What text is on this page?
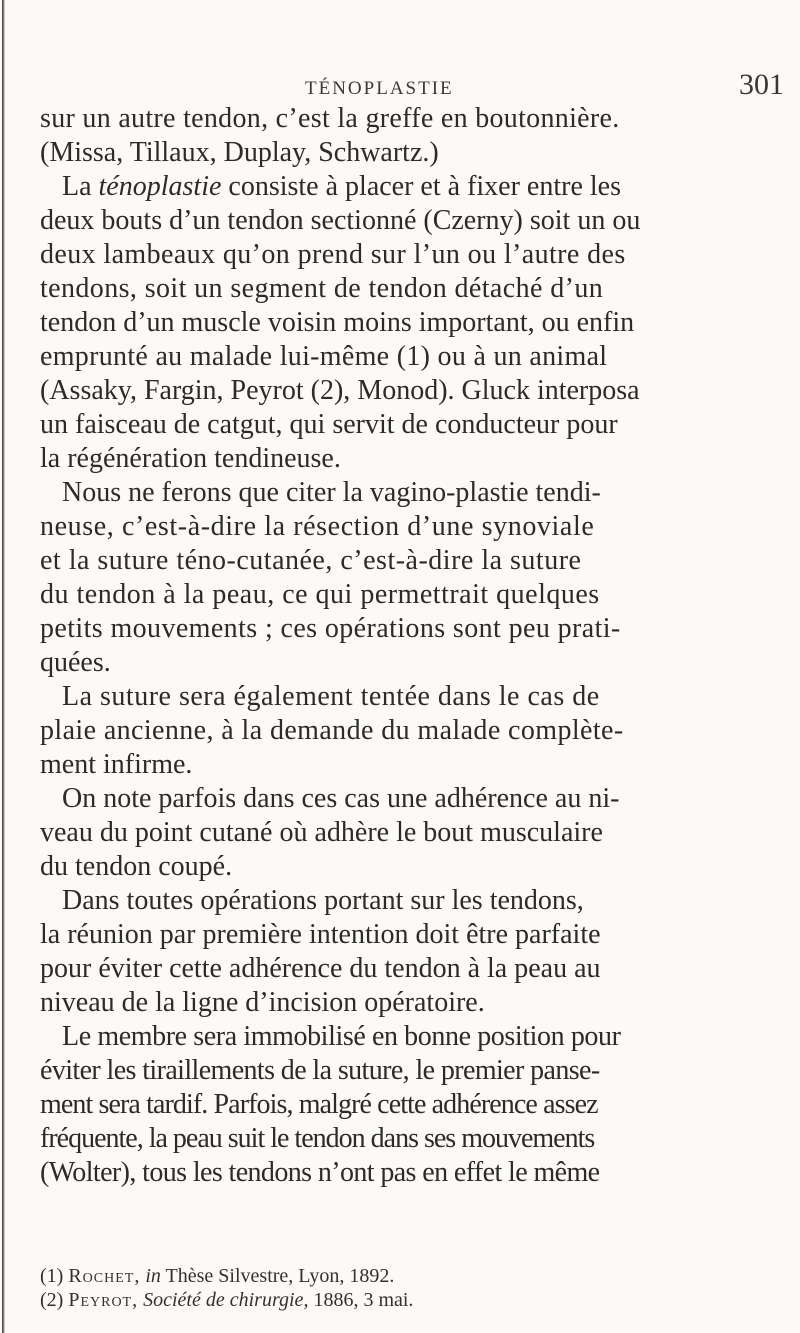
TÉNOPLASTIE	301
sur un autre tendon, c’est la greffe en boutonnière.
(Missa, Tillaux, Duplay, Schwartz.)
La ténoplastie consiste à placer et à fixer entre les
deux bouts d’un tendon sectionné (Czerny) soit un ou
deux lambeaux qu’on prend sur l’un ou l’autre des
tendons, soit un segment de tendon détaché d’un
tendon d’un muscle voisin moins important, ou enfin
emprunté au malade lui-même (1) ou à un animal
(Assaky, Fargin, Peyrot (2), Monod). Gluck interposa
un faisceau de catgut, qui servit de conducteur pour
la régénération tendineuse.
Nous ne ferons que citer la vagino-plastie tendi-
neuse, c’est-à-dire la résection d’une synoviale
et la suture téno-cutanée, c’est-à-dire la suture
du tendon à la peau, ce qui permettrait quelques
petits mouvements ; ces opérations sont peu prati-
quées.
La suture sera également tentée dans le cas de
plaie ancienne, à la demande du malade complète-
ment infirme.
On note parfois dans ces cas une adhérence au ni-
veau du point cutané où adhère le bout musculaire
du tendon coupé.
Dans toutes opérations portant sur les tendons,
la réunion par première intention doit être parfaite
pour éviter cette adhérence du tendon à la peau au
niveau de la ligne d’incision opératoire.
Le membre sera immobilisé en bonne position pour
éviter les tiraillements de la suture, le premier panse-
ment sera tardif. Parfois, malgré cette adhérence assez
fréquente, la peau suit le tendon dans ses mouvements
(Wolter), tous les tendons n’ont pas en effet le même
(1) Rochet, in Thèse Silvestre, Lyon, 1892.
(2) Peyrot, Société de chirurgie, 1886, 3 mai.
